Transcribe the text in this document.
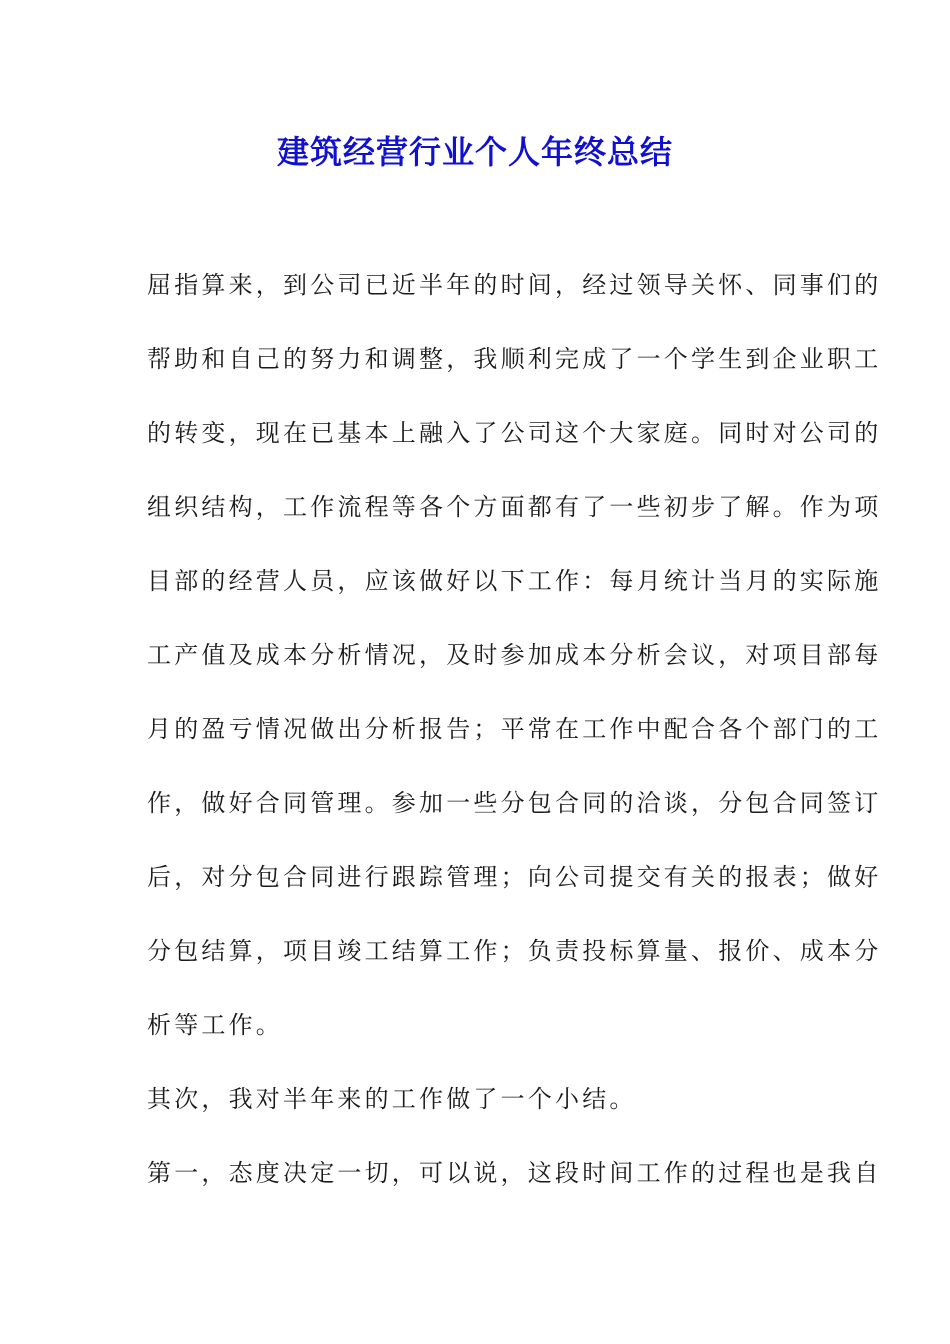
建筑经营行业个人年终总结
屈指算来，到公司已近半年的时间，经过领导关怀、同事们的
帮助和自己的努力和调整，我顺利完成了一个学生到企业职工
的转变，现在已基本上融入了公司这个大家庭。同时对公司的
组织结构，工作流程等各个方面都有了一些初步了解。作为项
目部的经营人员，应该做好以下工作：每月统计当月的实际施
工产值及成本分析情况，及时参加成本分析会议，对项目部每
月的盈亏情况做出分析报告；平常在工作中配合各个部门的工
作，做好合同管理。参加一些分包合同的洽谈，分包合同签订
后，对分包合同进行跟踪管理；向公司提交有关的报表；做好
分包结算，项目竣工结算工作；负责投标算量、报价、成本分
析等工作。
其次，我对半年来的工作做了一个小结。
第一，态度决定一切，可以说，这段时间工作的过程也是我自
